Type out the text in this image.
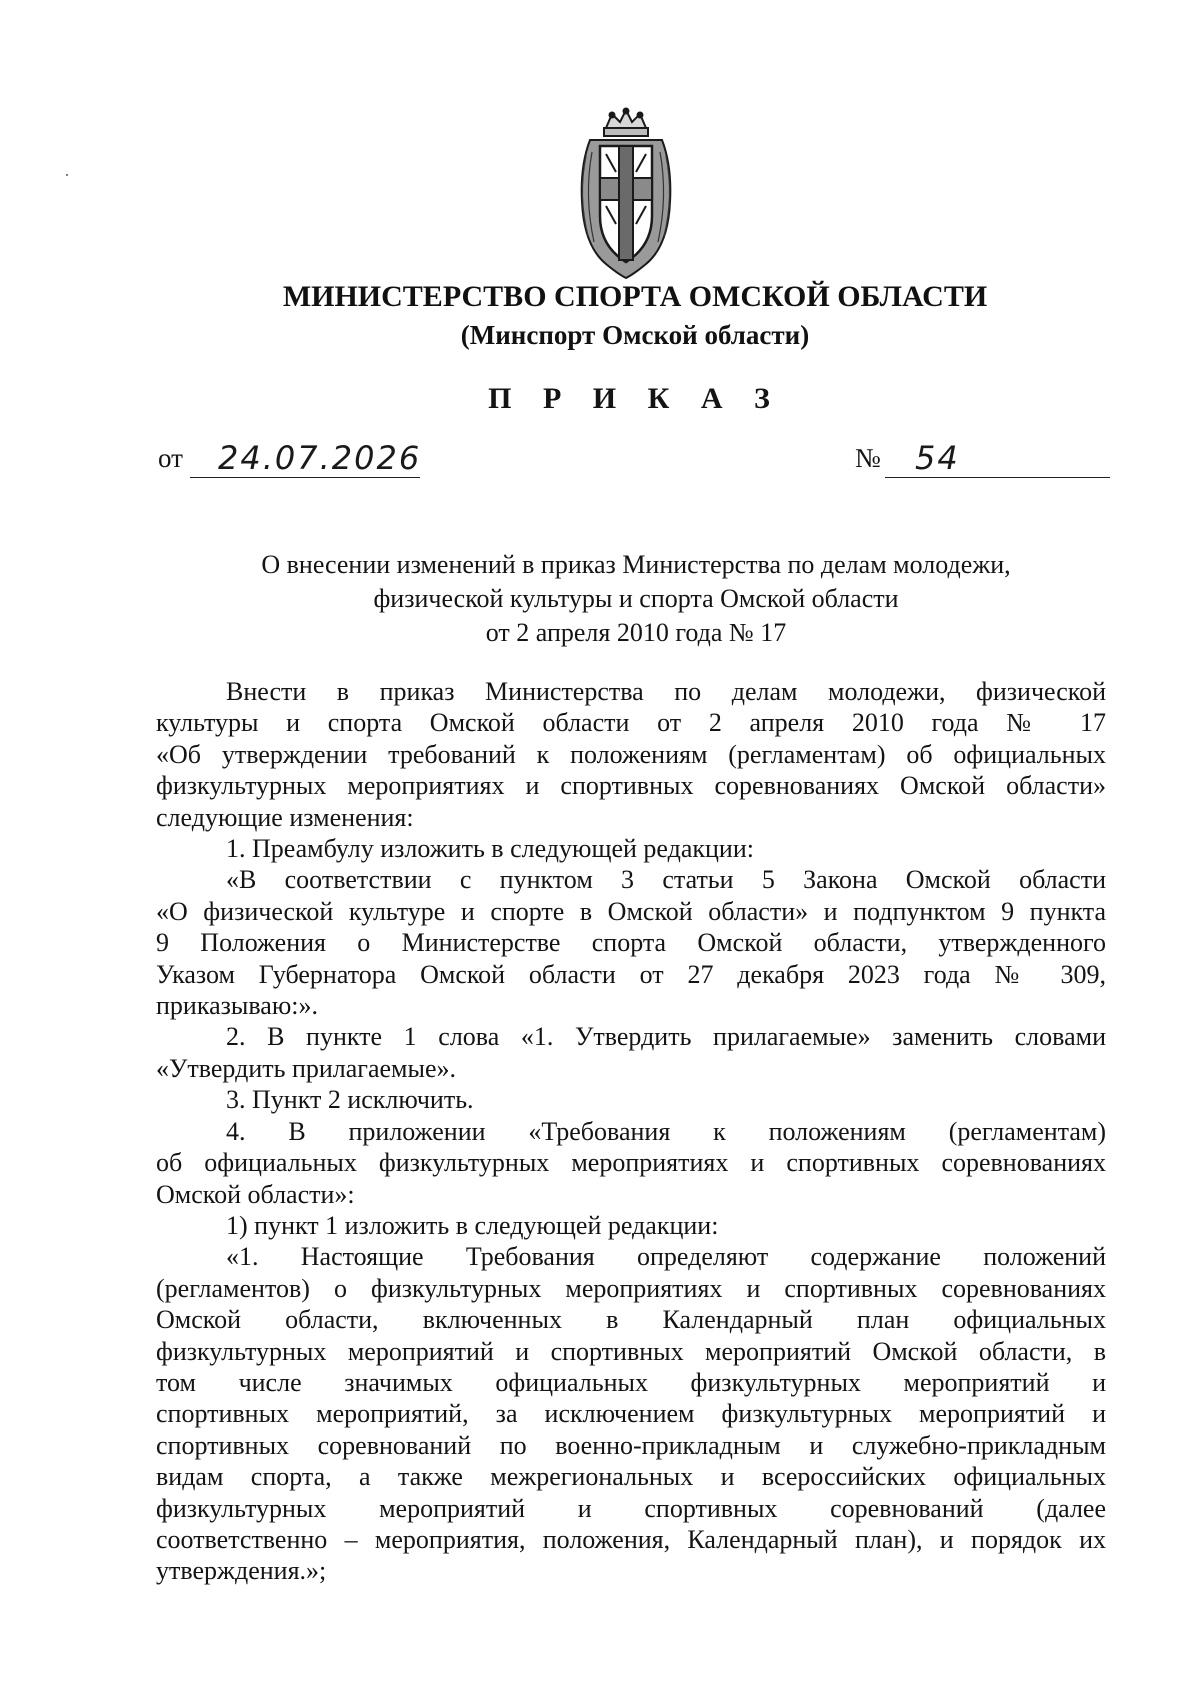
МИНИСТЕРСТВО СПОРТА ОМСКОЙ ОБЛАСТИ
(Минспорт Омской области)
П Р И К А З
от 24.07.2026	№ 54
О внесении изменений в приказ Министерства по делам молодежи,
физической культуры и спорта Омской области
от 2 апреля 2010 года № 17
Внести в приказ Министерства по делам молодежи, физической
культуры и спорта Омской области от 2 апреля 2010 года № 17
«Об утверждении требований к положениям (регламентам) об официальных
физкультурных мероприятиях и спортивных соревнованиях Омской области»
следующие изменения:
1. Преамбулу изложить в следующей редакции:
«В соответствии с пунктом 3 статьи 5 Закона Омской области
«О физической культуре и спорте в Омской области» и подпунктом 9 пункта
9 Положения о Министерстве спорта Омской области, утвержденного
Указом Губернатора Омской области от 27 декабря 2023 года № 309,
приказываю:».
2. В пункте 1 слова «1. Утвердить прилагаемые» заменить словами
«Утвердить прилагаемые».
3. Пункт 2 исключить.
4. В приложении «Требования к положениям (регламентам)
об официальных физкультурных мероприятиях и спортивных соревнованиях
Омской области»:
1) пункт 1 изложить в следующей редакции:
«1. Настоящие Требования определяют содержание положений
(регламентов) о физкультурных мероприятиях и спортивных соревнованиях
Омской области, включенных в Календарный план официальных
физкультурных мероприятий и спортивных мероприятий Омской области, в
том числе значимых официальных физкультурных мероприятий и
спортивных мероприятий, за исключением физкультурных мероприятий и
спортивных соревнований по военно-прикладным и служебно-прикладным
видам спорта, а также межрегиональных и всероссийских официальных
физкультурных мероприятий и спортивных соревнований (далее
соответственно – мероприятия, положения, Календарный план), и порядок их
утверждения.»;
